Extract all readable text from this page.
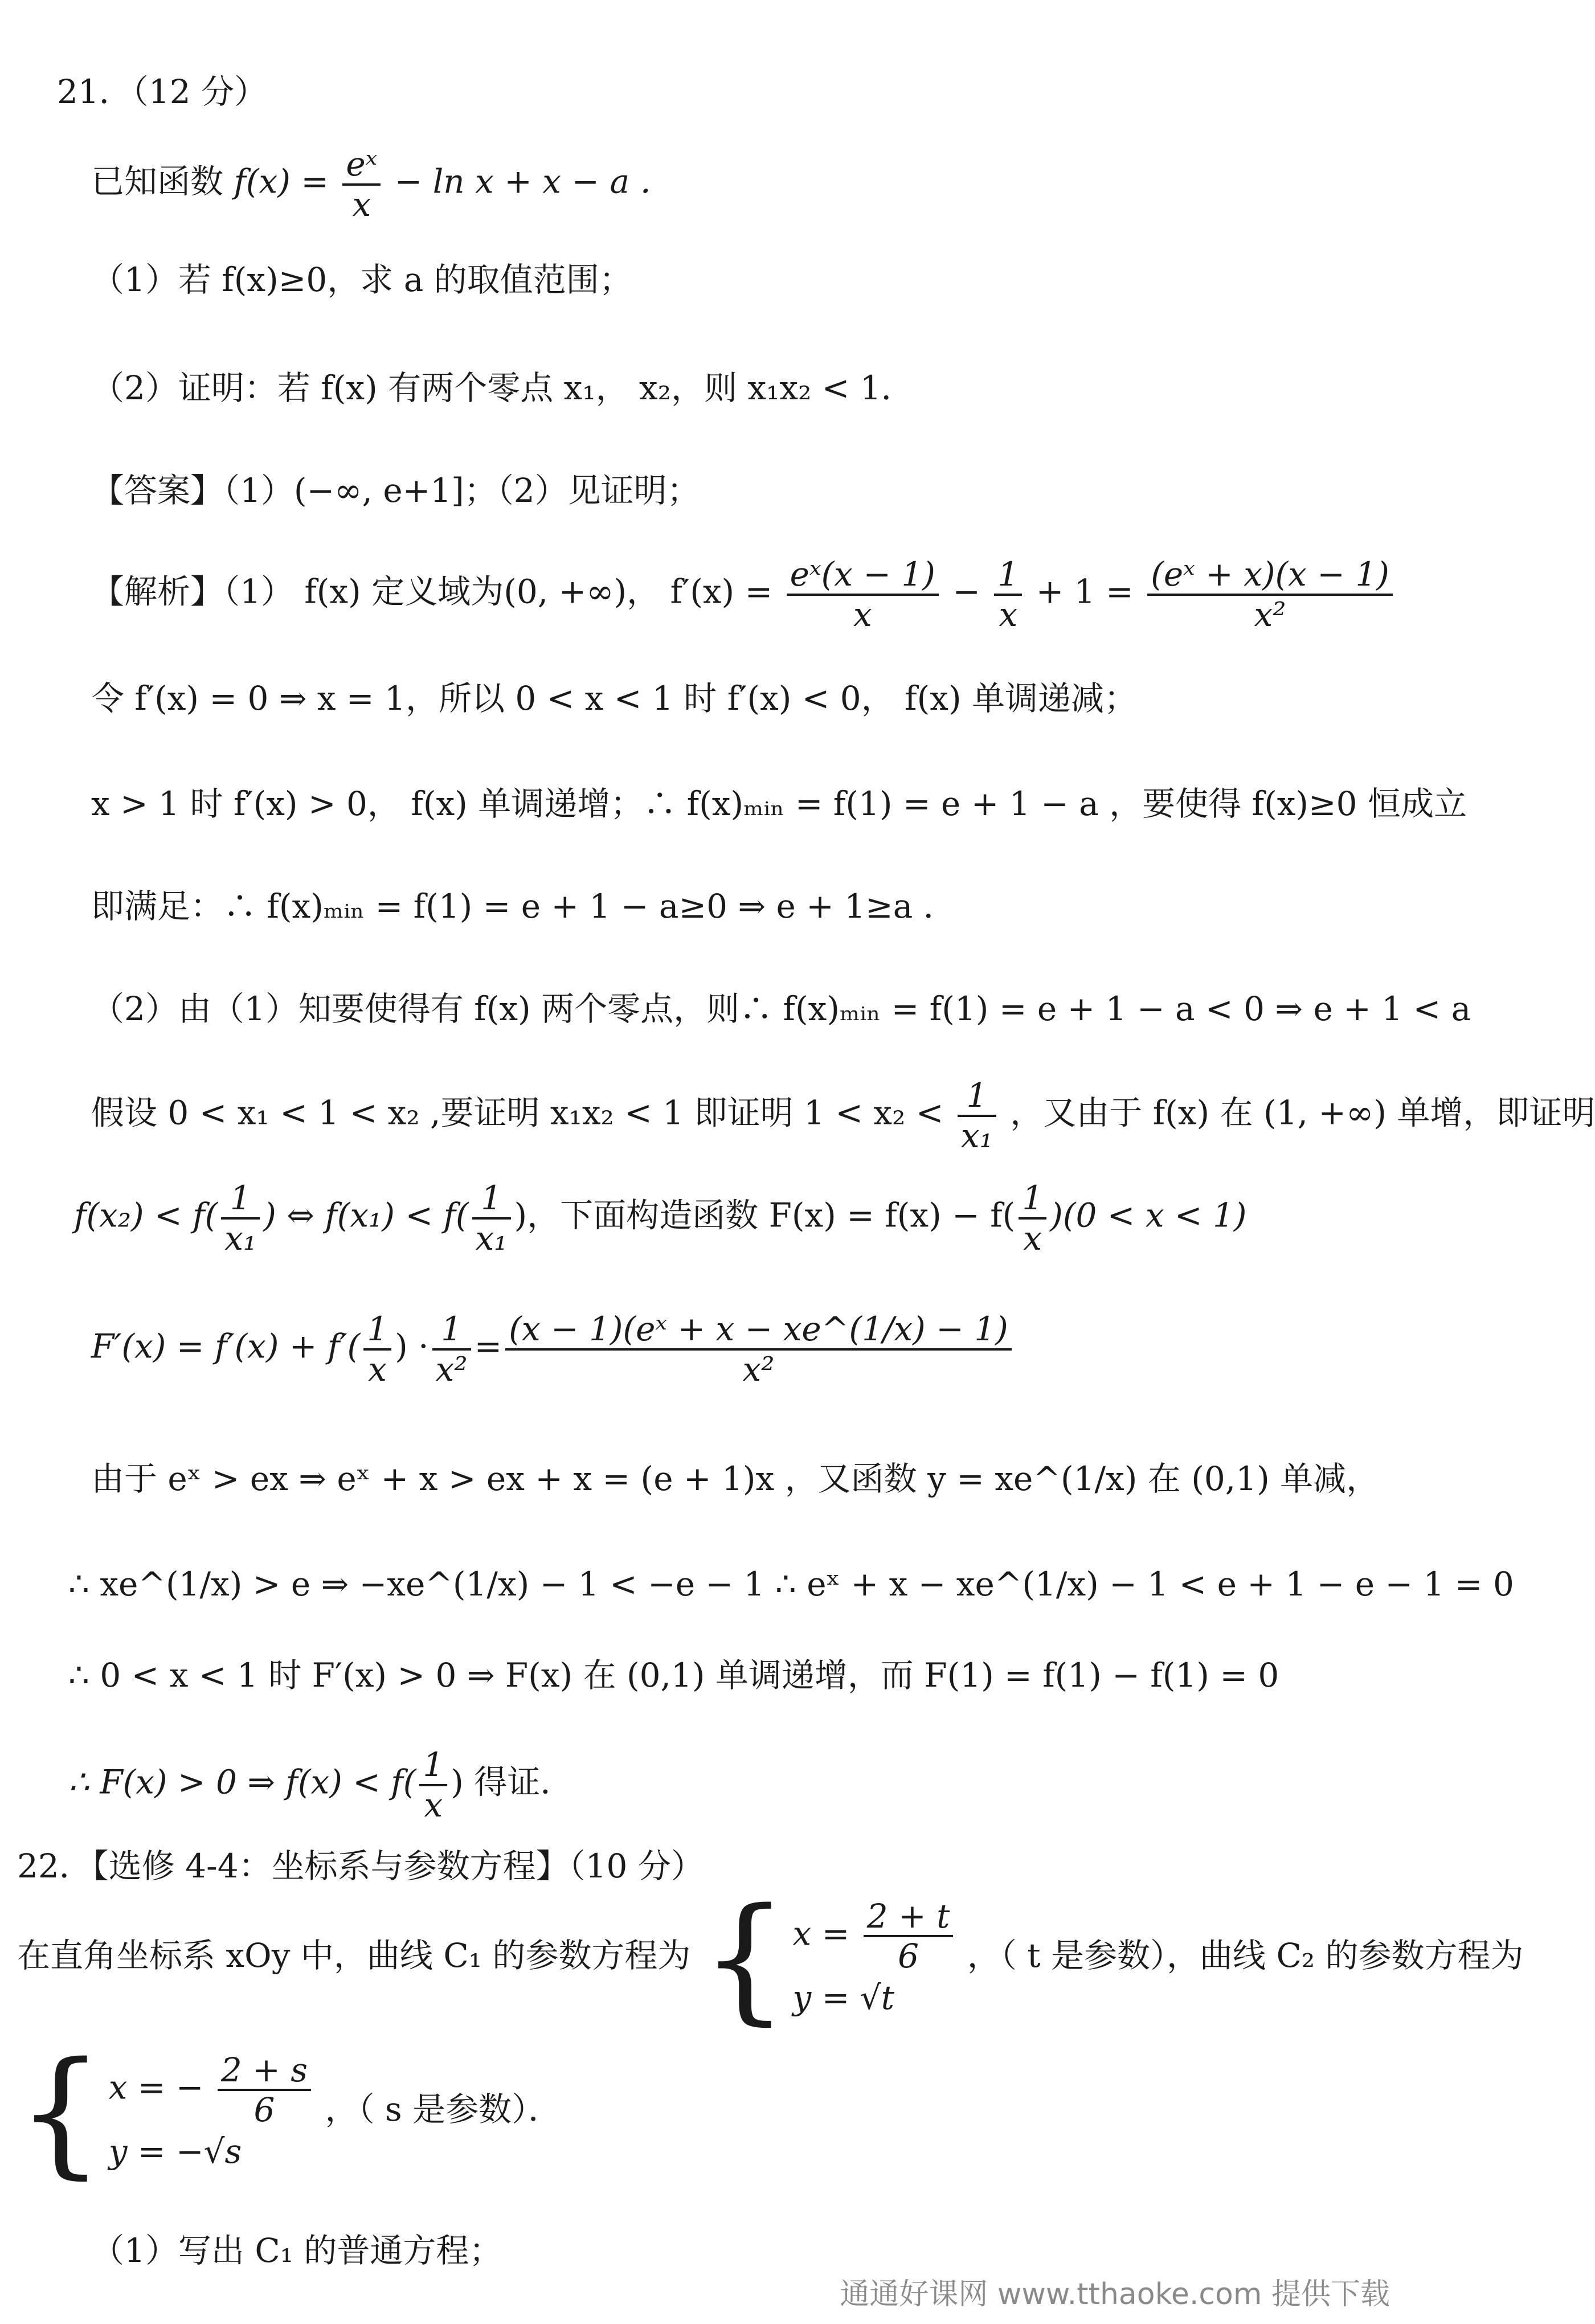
21．（12 分）
已知函数 $f(x) = \frac{\text{eˣ}}{x} - \ln x + x - a$ ．
（1）若 f(x)≥0，求 a 的取值范围；
（2）证明：若 f(x) 有两个零点 x₁， x₂，则 x₁x₂ < 1．
【答案】（1）(−∞, e+1]；（2）见证明；
【解析】（1） f(x) 定义域为(0, +∞)， $f'(x) = \frac{\text{eˣ(x − 1)}}{x} - \frac{1}{x} + 1 = \frac{\text{(eˣ + x)(x − 1)}}{\text{x²}}$
令 f′(x) = 0 ⇒ x = 1，所以 0 < x < 1 时 f′(x) < 0， f(x) 单调递减；
x > 1 时 f′(x) > 0， f(x) 单调递增；∴ f(x)ₘᵢₙ = f(1) = e + 1 − a ，要使得 f(x)≥0 恒成立
即满足：∴ f(x)ₘᵢₙ = f(1) = e + 1 − a≥0 ⇒ e + 1≥a ．
（2）由（1）知要使得有 f(x) 两个零点，则∴ f(x)ₘᵢₙ = f(1) = e + 1 − a < 0 ⇒ e + 1 < a
假设 0 < x₁ < 1 < x₂ ,要证明 x₁x₂ < 1 即证明 $1 < x_2 < \frac{1}{\text{x₁}}$ ，又由于 f(x) 在 (1, +∞) 单增，即证明
$f(x_2) < f( \frac{1}{\text{x₁}}$ ) ⇔ $f(x_1) < f( \frac{1}{\text{x₁}}$ )，下面构造函数 $F(x) = f(x) - f( \frac{1}{x} )(0 < x < 1)$
$F'(x) = f'(x) + f'( \frac{1}{x}$ ) · $\frac{1}{\text{x²}} = \frac{\text{(x − 1)(eˣ + x − xe\textasciicircum{}(1/x) − 1)}}{\text{x²}}$
由于 eˣ > ex ⇒ eˣ + x > ex + x = (e + 1)x ，又函数 y = xe^(1/x) 在 (0,1) 单减，
∴ xe^(1/x) > e ⇒ −xe^(1/x) − 1 < −e − 1 ∴ eˣ + x − xe^(1/x) − 1 < e + 1 − e − 1 = 0
∴ 0 < x < 1 时 F′(x) > 0 ⇒ F(x) 在 (0,1) 单调递增，而 F(1) = f(1) − f(1) = 0
∴ F(x) > 0 ⇒ $f(x) < f( \frac{1}{x}$ ) 得证．
22．【选修 4-4：坐标系与参数方程】（10 分）
在直角坐标系 xOy 中，曲线 C₁ 的参数方程为 { $x = \frac{2 + t}{6}$
y = √t
，（ t 是参数），曲线 C₂ 的参数方程为
{ x = − $\frac{2 + s}{6}$
y = −√s
，（ s 是参数）．
（1）写出 C₁ 的普通方程；
通通好课网 www.tthaoke.com 提供下载
